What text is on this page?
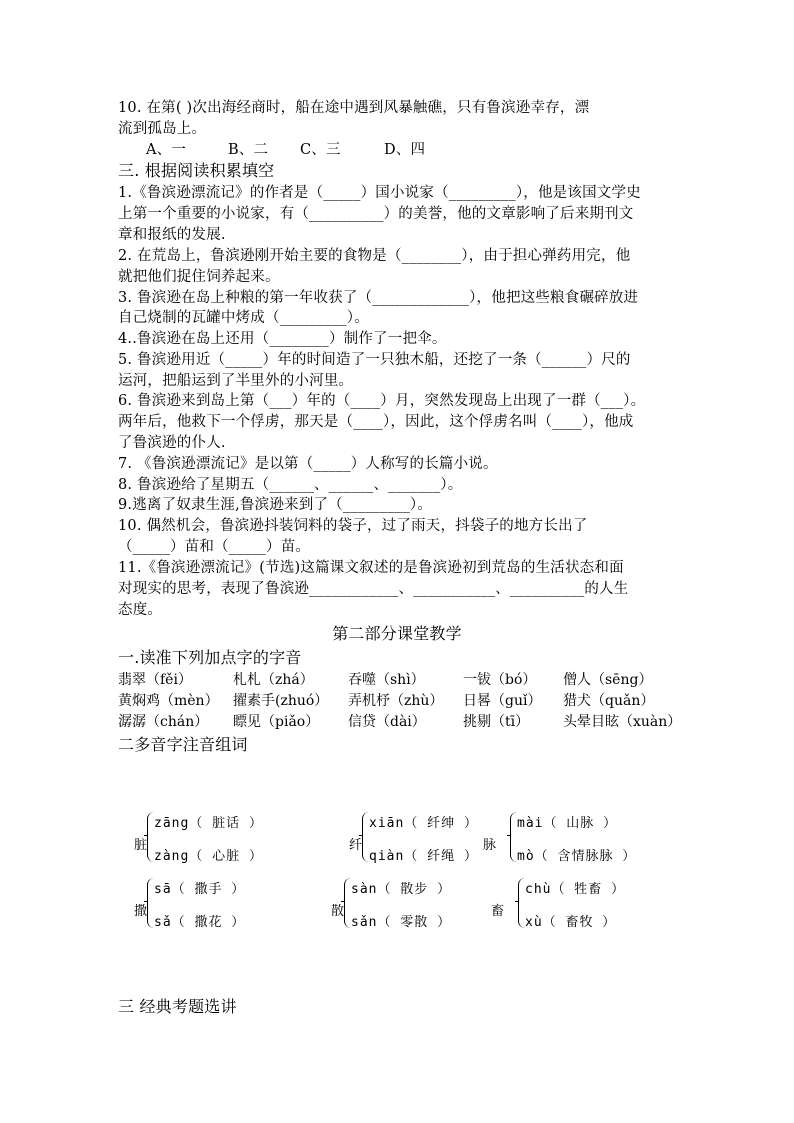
10. 在第( )次出海经商时，船在途中遇到风暴触礁，只有鲁滨逊幸存，漂
流到孤岛上。
A、一	B、二 C、三	D、四
三. 根据阅读积累填空
1.《鲁滨逊漂流记》的作者是（_____）国小说家（_________），他是该国文学史
上第一个重要的小说家，有（__________）的美誉，他的文章影响了后来期刊文
章和报纸的发展.
2. 在荒岛上，鲁滨逊刚开始主要的食物是（________），由于担心弹药用完，他
就把他们捉住饲养起来。
3. 鲁滨逊在岛上种粮的第一年收获了（_____________），他把这些粮食碾碎放进
自己烧制的瓦罐中烤成（_________）。
4..鲁滨逊在岛上还用（________）制作了一把伞。
5. 鲁滨逊用近（_____）年的时间造了一只独木船，还挖了一条（______）尺的
运河，把船运到了半里外的小河里。
6. 鲁滨逊来到岛上第（___）年的（____）月，突然发现岛上出现了一群（___）。
两年后，他救下一个俘虏，那天是（____），因此，这个俘虏名叫（____），他成
了鲁滨逊的仆人.
7. 《鲁滨逊漂流记》是以第（_____）人称写的长篇小说。
8. 鲁滨逊给了星期五（______、______、_______）。
9.逃离了奴隶生涯,鲁滨逊来到了（_________）。
10. 偶然机会，鲁滨逊抖装饲料的袋子，过了雨天，抖袋子的地方长出了
（_____）苗和（_____）苗。
11.《鲁滨逊漂流记》(节选)这篇课文叙述的是鲁滨逊初到荒岛的生活状态和面
对现实的思考，表现了鲁滨逊____________、___________、__________的人生
态度。
第二部分课堂教学
一.读准下列加点字的字音
翡翠（fěi）	札札（zhá）	吞噬（shì）	一钹（bó）	僧人（sēng）
黄焖鸡（mèn）	擢素手(zhuó）	弄机杼（zhù）	日晷（guǐ）	猎犬（quǎn）
潺潺（chán）	瞟见（piǎo）	信贷（dài）	挑剔（tī）	头晕目眩（xuàn）
二多音字注音组词
脏
zāng（ 脏话 ）
zàng（ 心脏 ）
纤
xiān（ 纤绅 ）
qiàn（ 纤绳 ）
脉
mài（ 山脉 ）
mò（ 含情脉脉 ）
撒
sā（ 撒手 ）
sǎ（ 撒花 ）
散
sàn（ 散步 ）
sǎn（ 零散 ）
畜
chù（ 牲畜 ）
xù（ 畜牧 ）
三 经典考题选讲
